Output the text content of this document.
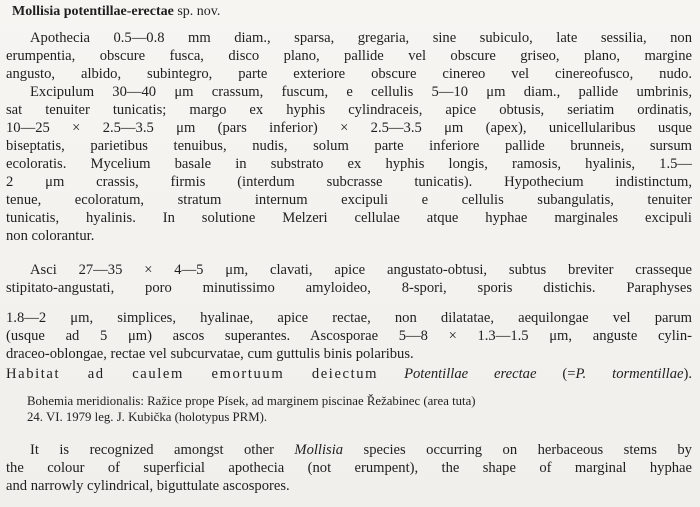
Mollisia potentillae-erectae sp. nov.
Apothecia 0.5—0.8 mm diam., sparsa, gregaria, sine subiculo, late sessilia, non
erumpentia, obscure fusca, disco plano, pallide vel obscure griseo, plano, margine
angusto, albido, subintegro, parte exteriore obscure cinereo vel cinereofusco, nudo.
Excipulum 30—40 μm crassum, fuscum, e cellulis 5—10 μm diam., pallide umbrinis,
sat tenuiter tunicatis; margo ex hyphis cylindraceis, apice obtusis, seriatim ordinatis,
10—25 × 2.5—3.5 μm (pars inferior) × 2.5—3.5 μm (apex), unicellularibus usque
biseptatis, parietibus tenuibus, nudis, solum parte inferiore pallide brunneis, sursum
ecoloratis. Mycelium basale in substrato ex hyphis longis, ramosis, hyalinis, 1.5—
2 μm crassis, firmis (interdum subcrasse tunicatis). Hypothecium indistinctum,
tenue, ecoloratum, stratum internum excipuli e cellulis subangulatis, tenuiter
tunicatis, hyalinis. In solutione Melzeri cellulae atque hyphae marginales excipuli
non colorantur.
Asci 27—35 × 4—5 μm, clavati, apice angustato-obtusi, subtus breviter crasseque
stipitato-angustati, poro minutissimo amyloideo, 8-spori, sporis distichis. Paraphyses
1.8—2 μm, simplices, hyalinae, apice rectae, non dilatatae, aequilongae vel parum
(usque ad 5 μm) ascos superantes. Ascosporae 5—8 × 1.3—1.5 μm, anguste cylin-
draceo-oblongae, rectae vel subcurvatae, cum guttulis binis polaribus.
Habitat ad caulem emortuum deiectum Potentillae erectae (=P. tormentillae).
Bohemia meridionalis: Ražice prope Písek, ad marginem piscinae Řežabinec (area tuta)
24. VI. 1979 leg. J. Kubička (holotypus PRM).
It is recognized amongst other Mollisia species occurring on herbaceous stems by
the colour of superficial apothecia (not erumpent), the shape of marginal hyphae
and narrowly cylindrical, biguttulate ascospores.
